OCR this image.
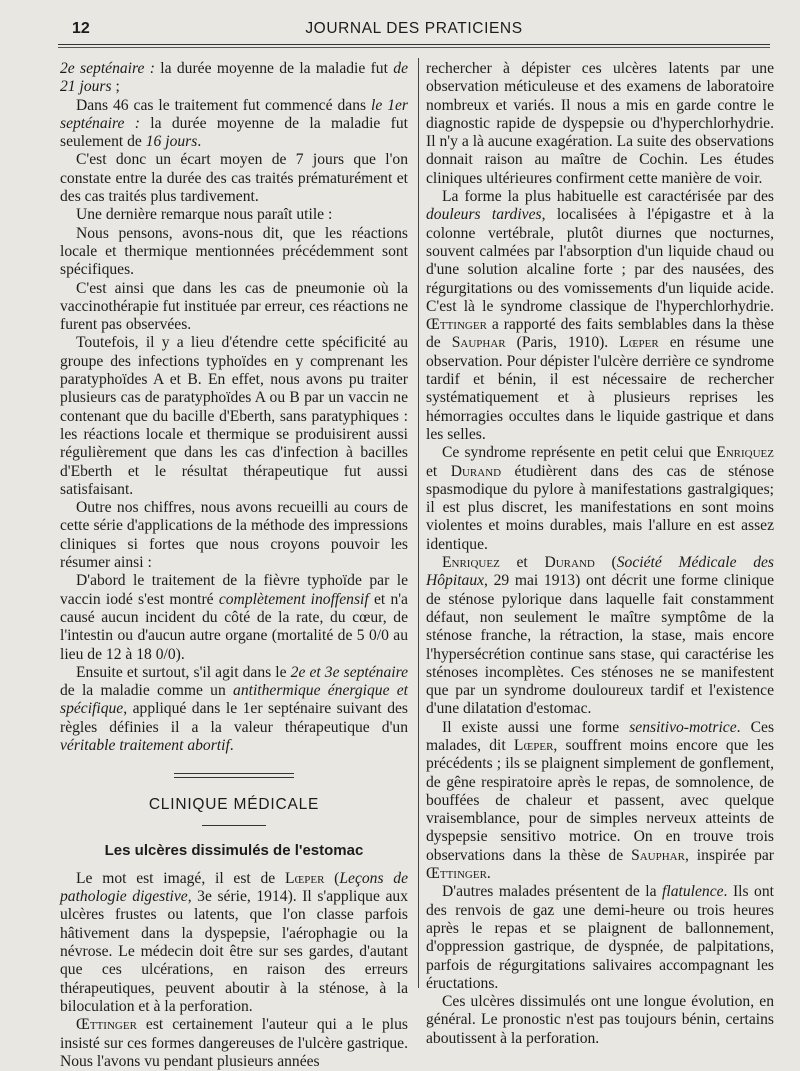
12	JOURNAL DES PRATICIENS

2e septénaire : la durée moyenne de la maladie fut de 21 jours ;

Dans 46 cas le traitement fut commencé dans le 1er septénaire : la durée moyenne de la maladie fut seulement de 16 jours.

C'est donc un écart moyen de 7 jours que l'on constate entre la durée des cas traités prématurément et des cas traités plus tardivement.

Une dernière remarque nous paraît utile :

Nous pensons, avons-nous dit, que les réactions locale et thermique mentionnées précédemment sont spécifiques.

C'est ainsi que dans les cas de pneumonie où la vaccinothérapie fut instituée par erreur, ces réactions ne furent pas observées.

Toutefois, il y a lieu d'étendre cette spécificité au groupe des infections typhoïdes en y comprenant les paratyphoïdes A et B. En effet, nous avons pu traiter plusieurs cas de paratyphoïdes A ou B par un vaccin ne contenant que du bacille d'Eberth, sans paratyphiques : les réactions locale et thermique se produisirent aussi régulièrement que dans les cas d'infection à bacilles d'Eberth et le résultat thérapeutique fut aussi satisfaisant.

Outre nos chiffres, nous avons recueilli au cours de cette série d'applications de la méthode des impressions cliniques si fortes que nous croyons pouvoir les résumer ainsi :

D'abord le traitement de la fièvre typhoïde par le vaccin iodé s'est montré complètement inoffensif et n'a causé aucun incident du côté de la rate, du cœur, de l'intestin ou d'aucun autre organe (mortalité de 5 0/0 au lieu de 12 à 18 0/0).

Ensuite et surtout, s'il agit dans le 2e et 3e septénaire de la maladie comme un antithermique énergique et spécifique, appliqué dans le 1er septénaire suivant des règles définies il a la valeur thérapeutique d'un véritable traitement abortif.

CLINIQUE MÉDICALE
Les ulcères dissimulés de l'estomac

Le mot est imagé, il est de Lœper (Leçons de pathologie digestive, 3e série, 1914). Il s'applique aux ulcères frustes ou latents, que l'on classe parfois hâtivement dans la dyspepsie, l'aérophagie ou la névrose. Le médecin doit être sur ses gardes, d'autant que ces ulcérations, en raison des erreurs thérapeutiques, peuvent aboutir à la sténose, à la biloculation et à la perforation.

Œttinger est certainement l'auteur qui a le plus insisté sur ces formes dangereuses de l'ulcère gastrique. Nous l'avons vu pendant plusieurs années

rechercher à dépister ces ulcères latents par une observation méticuleuse et des examens de laboratoire nombreux et variés. Il nous a mis en garde contre le diagnostic rapide de dyspepsie ou d'hyperchlorhydrie. Il n'y a là aucune exagération. La suite des observations donnait raison au maître de Cochin. Les études cliniques ultérieures confirment cette manière de voir.

La forme la plus habituelle est caractérisée par des douleurs tardives, localisées à l'épigastre et à la colonne vertébrale, plutôt diurnes que nocturnes, souvent calmées par l'absorption d'un liquide chaud ou d'une solution alcaline forte ; par des nausées, des régurgitations ou des vomissements d'un liquide acide. C'est là le syndrome classique de l'hyperchlorhydrie. Œttinger a rapporté des faits semblables dans la thèse de Sauphar (Paris, 1910). Lœper en résume une observation. Pour dépister l'ulcère derrière ce syndrome tardif et bénin, il est nécessaire de rechercher systématiquement et à plusieurs reprises les hémorragies occultes dans le liquide gastrique et dans les selles.

Ce syndrome représente en petit celui que Enriquez et Durand étudièrent dans des cas de sténose spasmodique du pylore à manifestations gastralgiques; il est plus discret, les manifestations en sont moins violentes et moins durables, mais l'allure en est assez identique.

Enriquez et Durand (Société Médicale des Hôpitaux, 29 mai 1913) ont décrit une forme clinique de sténose pylorique dans laquelle fait constamment défaut, non seulement le maître symptôme de la sténose franche, la rétraction, la stase, mais encore l'hypersécrétion continue sans stase, qui caractérise les sténoses incomplètes. Ces sténoses ne se manifestent que par un syndrome douloureux tardif et l'existence d'une dilatation d'estomac.

Il existe aussi une forme sensitivo-motrice. Ces malades, dit Lœper, souffrent moins encore que les précédents ; ils se plaignent simplement de gonflement, de gêne respiratoire après le repas, de somnolence, de bouffées de chaleur et passent, avec quelque vraisemblance, pour de simples nerveux atteints de dyspepsie sensitivo motrice. On en trouve trois observations dans la thèse de Sauphar, inspirée par Œttinger.

D'autres malades présentent de la flatulence. Ils ont des renvois de gaz une demi-heure ou trois heures après le repas et se plaignent de ballonnement, d'oppression gastrique, de dyspnée, de palpitations, parfois de régurgitations salivaires accompagnant les éructations.

Ces ulcères dissimulés ont une longue évolution, en général. Le pronostic n'est pas toujours bénin, certains aboutissent à la perforation.
